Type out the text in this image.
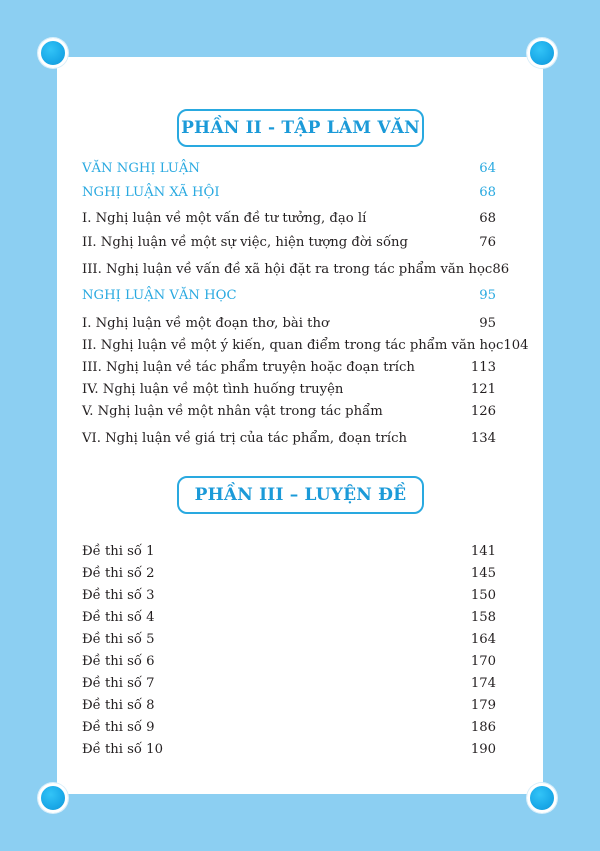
PHẦN II - TẬP LÀM VĂN
VĂN NGHỊ LUẬN	64
NGHỊ LUẬN XÃ HỘI	68
I. Nghị luận về một vấn đề tư tưởng, đạo lí	68
II. Nghị luận về một sự việc, hiện tượng đời sống	76
III. Nghị luận về vấn đề xã hội đặt ra trong tác phẩm văn học 86
NGHỊ LUẬN VĂN HỌC	95
I. Nghị luận về một đoạn thơ, bài thơ	95
II. Nghị luận về một ý kiến, quan điểm trong tác phẩm văn học 104
III. Nghị luận về tác phẩm truyện hoặc đoạn trích	113
IV. Nghị luận về một tình huống truyện	121
V. Nghị luận về một nhân vật trong tác phẩm	126
VI. Nghị luận về giá trị của tác phẩm, đoạn trích	134
PHẦN III – LUYỆN ĐỀ
Đề thi số 1	141
Đề thi số 2	145
Đề thi số 3	150
Đề thi số 4	158
Đề thi số 5	164
Đề thi số 6	170
Đề thi số 7	174
Đề thi số 8	179
Đề thi số 9	186
Đề thi số 10	190
